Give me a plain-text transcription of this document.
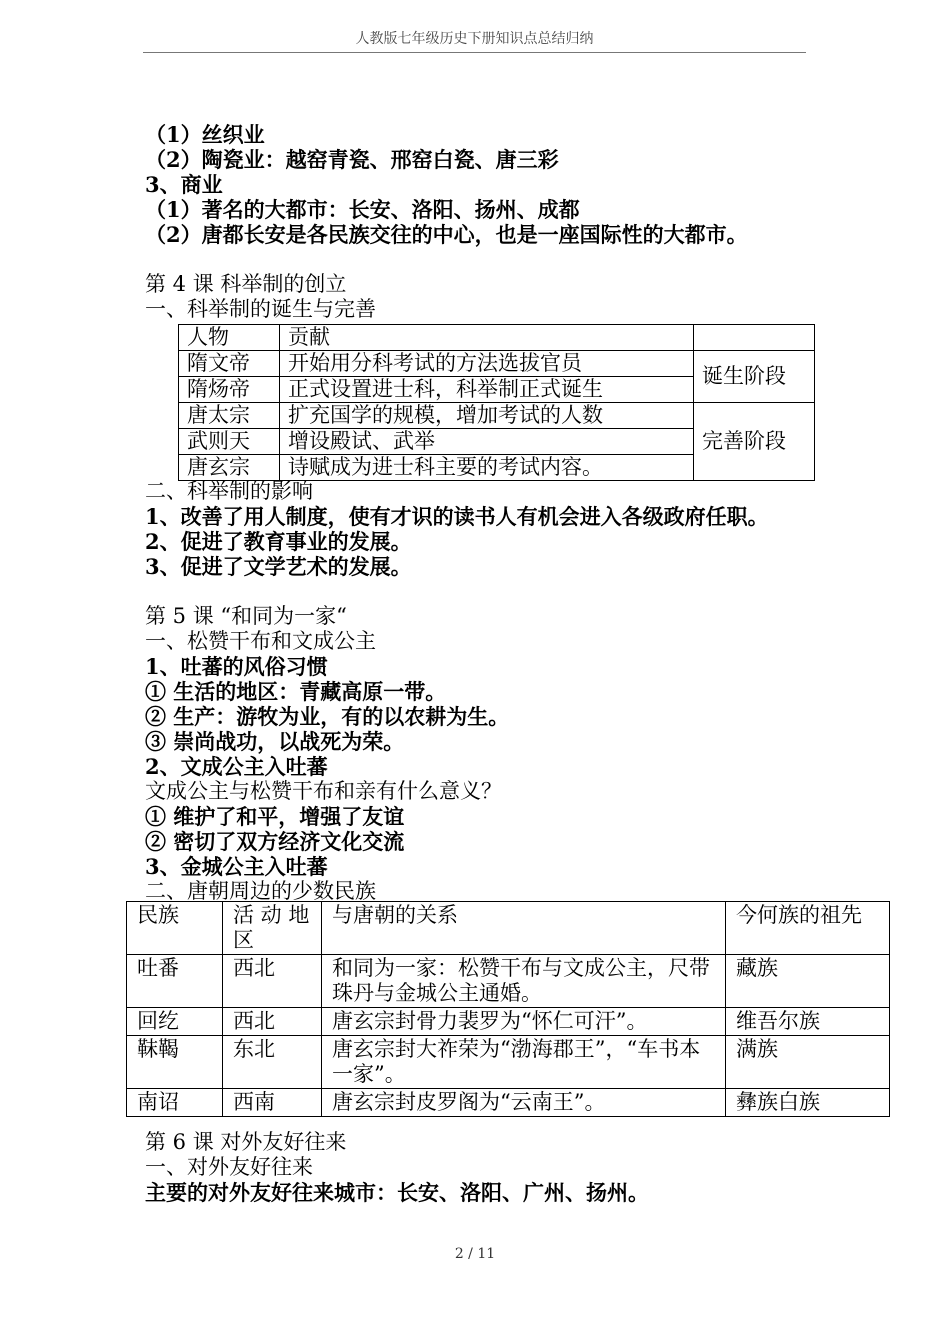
人教版七年级历史下册知识点总结归纳
（1）丝织业
（2）陶瓷业：越窑青瓷、邢窑白瓷、唐三彩
3、商业
（1）著名的大都市：长安、洛阳、扬州、成都
（2）唐都长安是各民族交往的中心，也是一座国际性的大都市。
第 4 课 科举制的创立
一、科举制的诞生与完善
人物	贡献	
隋文帝	开始用分科考试的方法选拔官员	诞生阶段
隋炀帝	正式设置进士科，科举制正式诞生	
唐太宗	扩充国学的规模，增加考试的人数	完善阶段
武则天	增设殿试、武举	
唐玄宗	诗赋成为进士科主要的考试内容。	
二、科举制的影响
1、改善了用人制度，使有才识的读书人有机会进入各级政府任职。
2、促进了教育事业的发展。
3、促进了文学艺术的发展。
第 5 课 “和同为一家“
一、松赞干布和文成公主
1、吐蕃的风俗习惯
① 生活的地区：青藏高原一带。
② 生产：游牧为业，有的以农耕为生。
③ 崇尚战功，以战死为荣。
2、文成公主入吐蕃
文成公主与松赞干布和亲有什么意义？
① 维护了和平，增强了友谊
② 密切了双方经济文化交流
3、金城公主入吐蕃
二、唐朝周边的少数民族
民族	活 动 地 区	与唐朝的关系	今何族的祖先
吐番	西北	和同为一家：松赞干布与文成公主，尺带珠丹与金城公主通婚。	藏族
回纥	西北	唐玄宗封骨力裴罗为“怀仁可汗”。	维吾尔族
靺鞨	东北	唐玄宗封大祚荣为“渤海郡王”，“车书本一家”。	满族
南诏	西南	唐玄宗封皮罗阁为“云南王”。	彝族白族
第 6 课 对外友好往来
一、对外友好往来
主要的对外友好往来城市：长安、洛阳、广州、扬州。
2 / 11
